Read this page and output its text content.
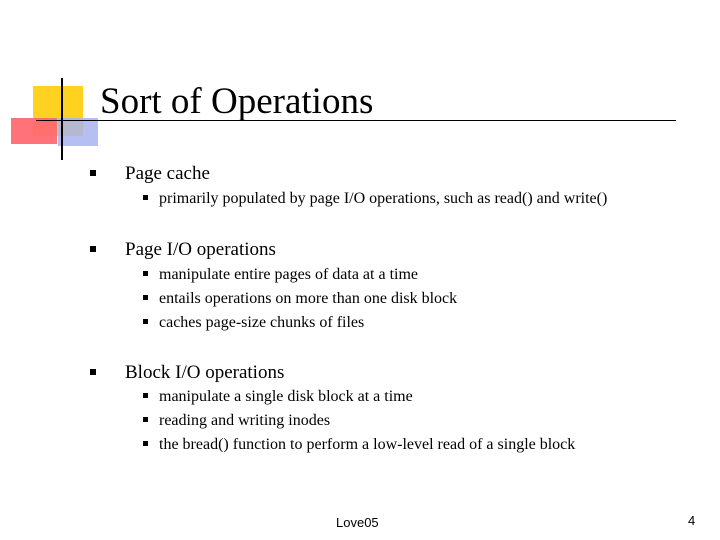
Sort of Operations
Page cache
primarily populated by page I/O operations, such as read() and write()
Page I/O operations
manipulate entire pages of data at a time
entails operations on more than one disk block
caches page-size chunks of files
Block I/O operations
manipulate a single disk block at a time
reading and writing inodes
the bread() function to perform a low-level read of a single block
Love05	4
